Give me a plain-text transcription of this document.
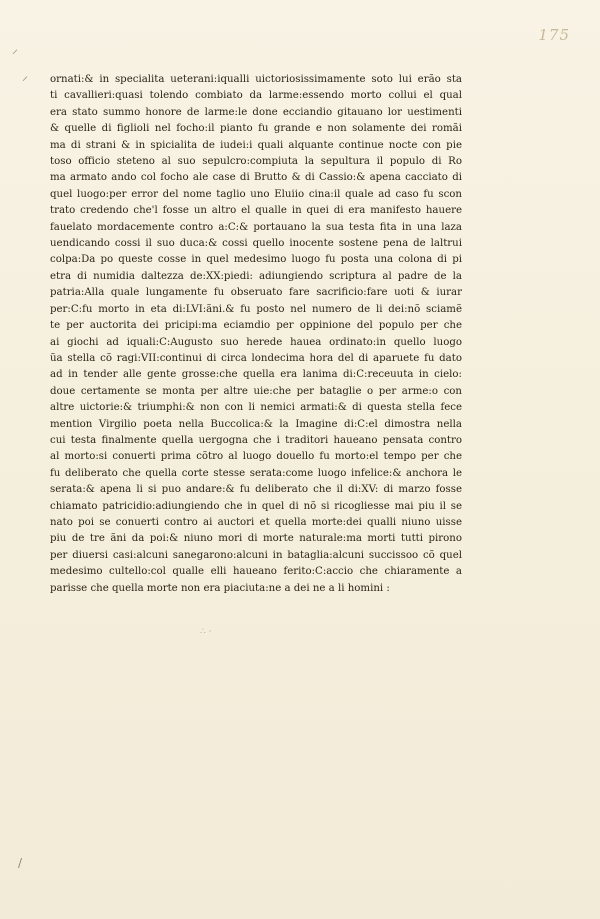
175
⸝
⸍
/
∴ ·
ornati:& in specialita ueterani:iqualli uictoriosissimamente soto lui erão sta
ti cavallieri:quasi tolendo combiato da larme:essendo morto collui el qual
era stato summo honore de larme:le done ecciandio gitauano lor uestimenti
& quelle di figlioli nel focho:il pianto fu grande e non solamente dei romãi
ma di strani & in spicialita de iudei:i quali alquante continue nocte con pie
toso officio steteno al suo sepulcro:compiuta la sepultura il populo di Ro
ma armato ando col focho ale case di Brutto & di Cassio:& apena cacciato di
quel luogo:per error del nome taglio uno Eluiio cina:il quale ad caso fu scon
trato credendo che'l fosse un altro el qualle in quei di era manifesto hauere
fauelato mordacemente contro a:C:& portauano la sua testa fita in una laza
uendicando cossi il suo duca:& cossi quello inocente sostene pena de laltrui
colpa:Da po queste cosse in quel medesimo luogo fu posta una colona di pi
etra di numidia daltezza de:XX:piedi: adiungiendo scriptura al padre de la
patria:Alla quale lungamente fu obseruato fare sacrificio:fare uoti & iurar
per:C:fu morto in eta di:LVI:ãni.& fu posto nel numero de li dei:nõ sciamẽ
te per auctorita dei pricipi:ma eciamdio per oppinione del populo per che
ai giochi ad iquali:C:Augusto suo herede hauea ordinato:in quello luogo
ũa stella cõ ragi:VII:continui di circa londecima hora del di aparuete fu dato
ad in tender alle gente grosse:che quella era lanima di:C:receuuta in cielo:
doue certamente se monta per altre uie:che per bataglie o per arme:o con
altre uictorie:& triumphi:& non con li nemici armati:& di questa stella fece
mention Virgilio poeta nella Buccolica:& la Imagine di:C:el dimostra nella
cui testa finalmente quella uergogna che i traditori haueano pensata contro
al morto:si conuerti prima cõtro al luogo douello fu morto:el tempo per che
fu deliberato che quella corte stesse serata:come luogo infelice:& anchora le
serata:& apena li si puo andare:& fu deliberato che il di:XV: di marzo fosse
chiamato patricidio:adiungiendo che in quel di nõ si ricogliesse mai piu il se
nato poi se conuerti contro ai auctori et quella morte:dei qualli niuno uisse
piu de tre ãni da poi:& niuno mori di morte naturale:ma morti tutti pirono
per diuersi casi:alcuni sanegarono:alcuni in bataglia:alcuni succissoo cõ quel
medesimo cultello:col qualle elli haueano ferito:C:accio che chiaramente a
parisse che quella morte non era piaciuta:ne a dei ne a li homini :
